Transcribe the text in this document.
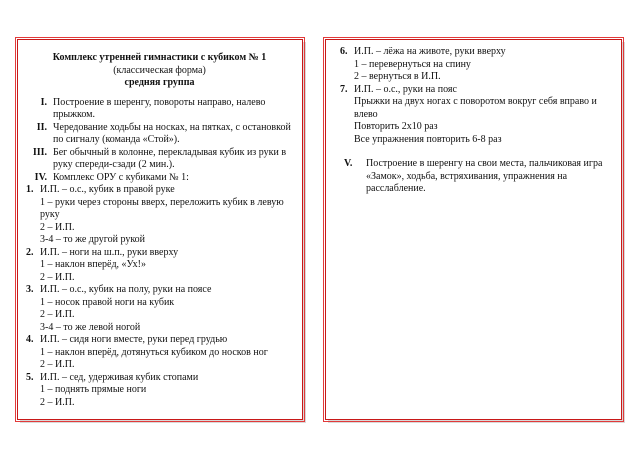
Комплекс утренней гимнастики с кубиком № 1
(классическая форма)
средняя группа
I. Построение в шеренгу, повороты направо, налево прыжком.
II. Чередование ходьбы на носках, на пятках, с остановкой по сигналу (команда «Стой»).
III. Бег обычный в колонне, перекладывая кубик из руки в руку спереди-сзади (2 мин.).
IV. Комплекс ОРУ с кубиками № 1:
1. И.П. – о.с., кубик в правой руке
1 – руки через стороны вверх, переложить кубик в левую руку
2 – И.П.
3-4 – то же другой рукой
2. И.П. – ноги на ш.п., руки вверху
1 – наклон вперёд, «Ух!»
2 – И.П.
3. И.П. – о.с., кубик на полу, руки на поясе
1 – носок правой ноги на кубик
2 – И.П.
3-4 – то же левой ногой
4. И.П. – сидя ноги вместе, руки перед грудью
1 – наклон вперёд, дотянуться кубиком до носков ног
2 – И.П.
5. И.П. – сед, удерживая кубик стопами
1 – поднять прямые ноги
2 – И.П.
6. И.П. – лёжа на животе, руки вверху
1 – перевернуться на спину
2 – вернуться в И.П.
7. И.П. – о.с., руки на пояс
Прыжки на двух ногах с поворотом вокруг себя вправо и влево
Повторить 2х10 раз
Все упражнения повторить 6-8 раз
V.	Построение в шеренгу на свои места, пальчиковая игра «Замок», ходьба, встряхивания, упражнения на расслабление.
